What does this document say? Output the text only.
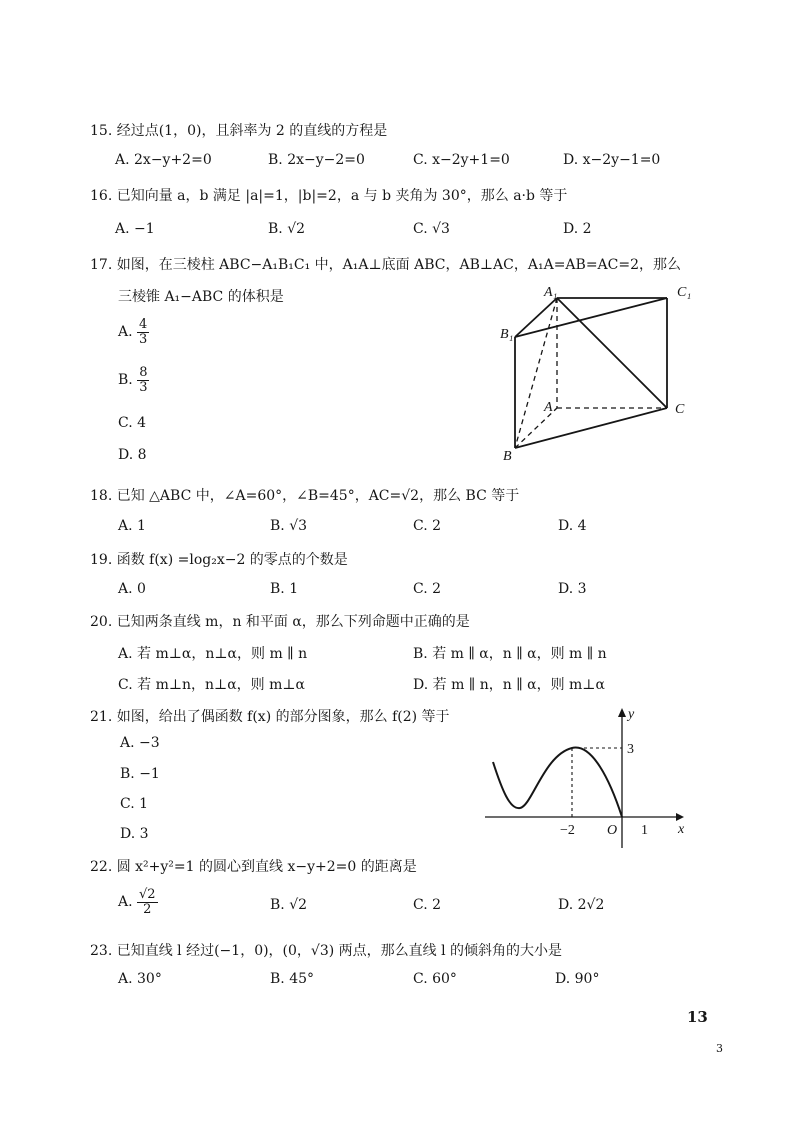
15. 经过点(1，0)，且斜率为 2 的直线的方程是
A. 2x−y+2=0	B. 2x−y−2=0	C. x−2y+1=0	D. x−2y−1=0
16. 已知向量 a，b 满足 |a|=1，|b|=2，a 与 b 夹角为 30°，那么 a·b 等于
A. −1	B. √2	C. √3	D. 2
17. 如图，在三棱柱 ABC−A₁B₁C₁ 中，A₁A⊥底面 ABC，AB⊥AC，A₁A=AB=AC=2，那么
三棱锥 A₁−ABC 的体积是
A. $\frac{4}{3}$
B. $\frac{8}{3}$
C. 4
D. 8
A₁	C₁
B₁
A	C
B
18. 已知 △ABC 中，∠A=60°，∠B=45°，AC=√2，那么 BC 等于
A. 1	B. √3	C. 2	D. 4
19. 函数 f(x) =log₂x−2 的零点的个数是
A. 0	B. 1	C. 2	D. 3
20. 已知两条直线 m，n 和平面 α，那么下列命题中正确的是
A. 若 m⊥α，n⊥α，则 m ∥ n	B. 若 m ∥ α，n ∥ α，则 m ∥ n
C. 若 m⊥n，n⊥α，则 m⊥α	D. 若 m ∥ n，n ∥ α，则 m⊥α
21. 如图，给出了偶函数 f(x) 的部分图象，那么 f(2) 等于
A. −3
B. −1
C. 1
D. 3
y
x
3
−2 O 1
22. 圆 x²+y²=1 的圆心到直线 x−y+2=0 的距离是
A. $\frac{√2}{2}$	B. √2	C. 2	D. 2√2
23. 已知直线 l 经过(−1，0)，(0，√3) 两点，那么直线 l 的倾斜角的大小是
A. 30°	B. 45°	C. 60°	D. 90°
13
3
